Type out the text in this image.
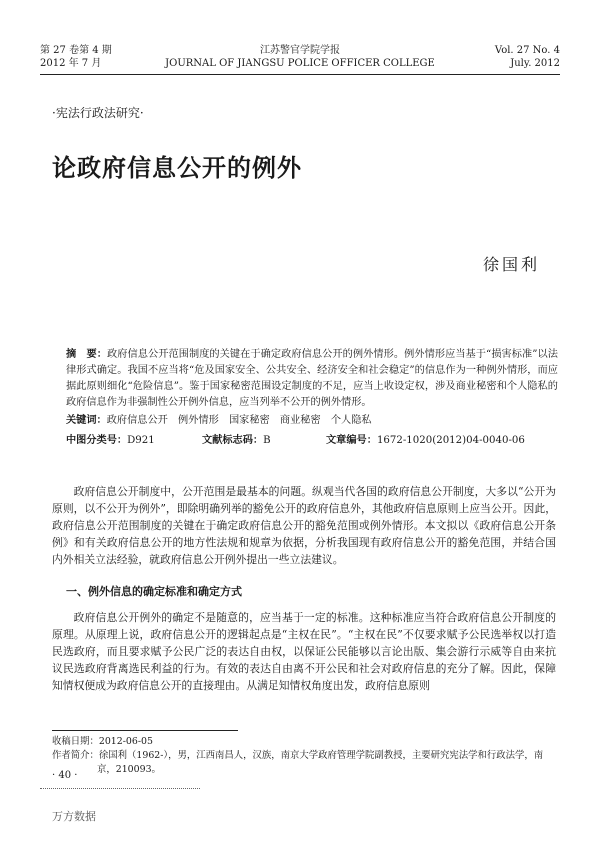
第 27 卷第 4 期
2012 年 7 月
江苏警官学院学报
JOURNAL OF JIANGSU POLICE OFFICER COLLEGE
Vol. 27 No. 4
July. 2012
·宪法行政法研究·
论政府信息公开的例外
徐国利
摘　要：政府信息公开范围制度的关键在于确定政府信息公开的例外情形。例外情形应当基于“损害标准”以法律形式确定。我国不应当将“危及国家安全、公共安全、经济安全和社会稳定”的信息作为一种例外情形，而应据此原则细化“危险信息”。鉴于国家秘密范围设定制度的不足，应当上收设定权，涉及商业秘密和个人隐私的政府信息作为非强制性公开例外信息，应当列举不公开的例外情形。
关键词：政府信息公开　例外情形　国家秘密　商业秘密　个人隐私
中图分类号：D921	文献标志码：B	文章编号：1672-1020(2012)04-0040-06
政府信息公开制度中，公开范围是最基本的问题。纵观当代各国的政府信息公开制度，大多以“公开为原则，以不公开为例外”，即除明确列举的豁免公开的政府信息外，其他政府信息原则上应当公开。因此，政府信息公开范围制度的关键在于确定政府信息公开的豁免范围或例外情形。本文拟以《政府信息公开条例》和有关政府信息公开的地方性法规和规章为依据，分析我国现有政府信息公开的豁免范围，并结合国内外相关立法经验，就政府信息公开例外提出一些立法建议。
一、例外信息的确定标准和确定方式
政府信息公开例外的确定不是随意的，应当基于一定的标准。这种标准应当符合政府信息公开制度的原理。从原理上说，政府信息公开的逻辑起点是“主权在民”。“主权在民”不仅要求赋予公民选举权以打造民选政府，而且要求赋予公民广泛的表达自由权，以保证公民能够以言论出版、集会游行示威等自由来抗议民选政府背离选民利益的行为。有效的表达自由离不开公民和社会对政府信息的充分了解。因此，保障知情权便成为政府信息公开的直接理由。从满足知情权角度出发，政府信息原则
收稿日期：2012-06-05
作者简介：徐国利（1962-），男，江西南昌人，汉族，南京大学政府管理学院副教授，主要研究宪法学和行政法学，南
京，210093。
· 40 ·
万方数据
